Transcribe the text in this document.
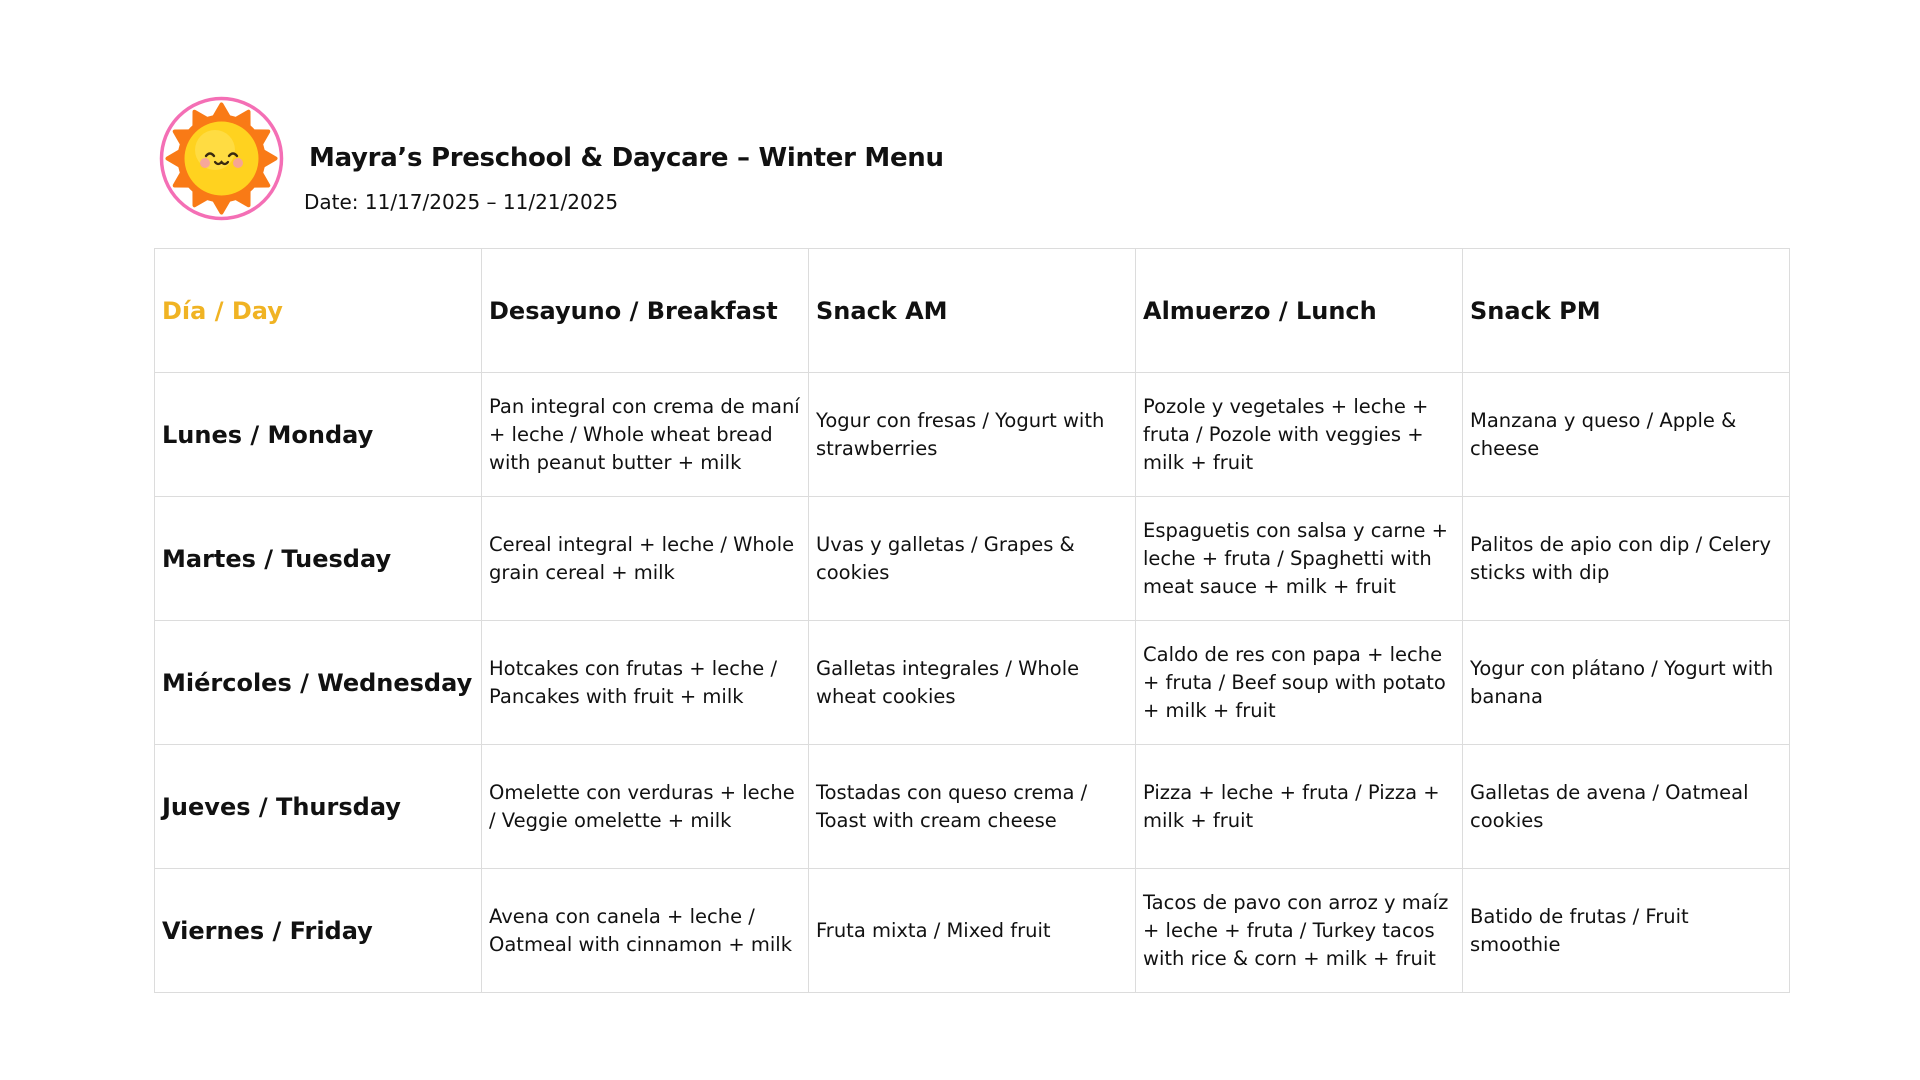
Mayra’s Preschool & Daycare – Winter Menu
Date: 11/17/2025 – 11/21/2025
Día / Day	Desayuno / Breakfast	Snack AM	Almuerzo / Lunch	Snack PM
Lunes / Monday	Pan integral con crema de maní + leche / Whole wheat bread with peanut butter + milk	Yogur con fresas / Yogurt with strawberries	Pozole y vegetales + leche + fruta / Pozole with veggies + milk + fruit	Manzana y queso / Apple & cheese
Martes / Tuesday	Cereal integral + leche / Whole grain cereal + milk	Uvas y galletas / Grapes & cookies	Espaguetis con salsa y carne + leche + fruta / Spaghetti with meat sauce + milk + fruit	Palitos de apio con dip / Celery sticks with dip
Miércoles / Wednesday	Hotcakes con frutas + leche / Pancakes with fruit + milk	Galletas integrales / Whole wheat cookies	Caldo de res con papa + leche + fruta / Beef soup with potato + milk + fruit	Yogur con plátano / Yogurt with banana
Jueves / Thursday	Omelette con verduras + leche / Veggie omelette + milk	Tostadas con queso crema / Toast with cream cheese	Pizza + leche + fruta / Pizza + milk + fruit	Galletas de avena / Oatmeal cookies
Viernes / Friday	Avena con canela + leche / Oatmeal with cinnamon + milk	Fruta mixta / Mixed fruit	Tacos de pavo con arroz y maíz + leche + fruta / Turkey tacos with rice & corn + milk + fruit	Batido de frutas / Fruit smoothie
